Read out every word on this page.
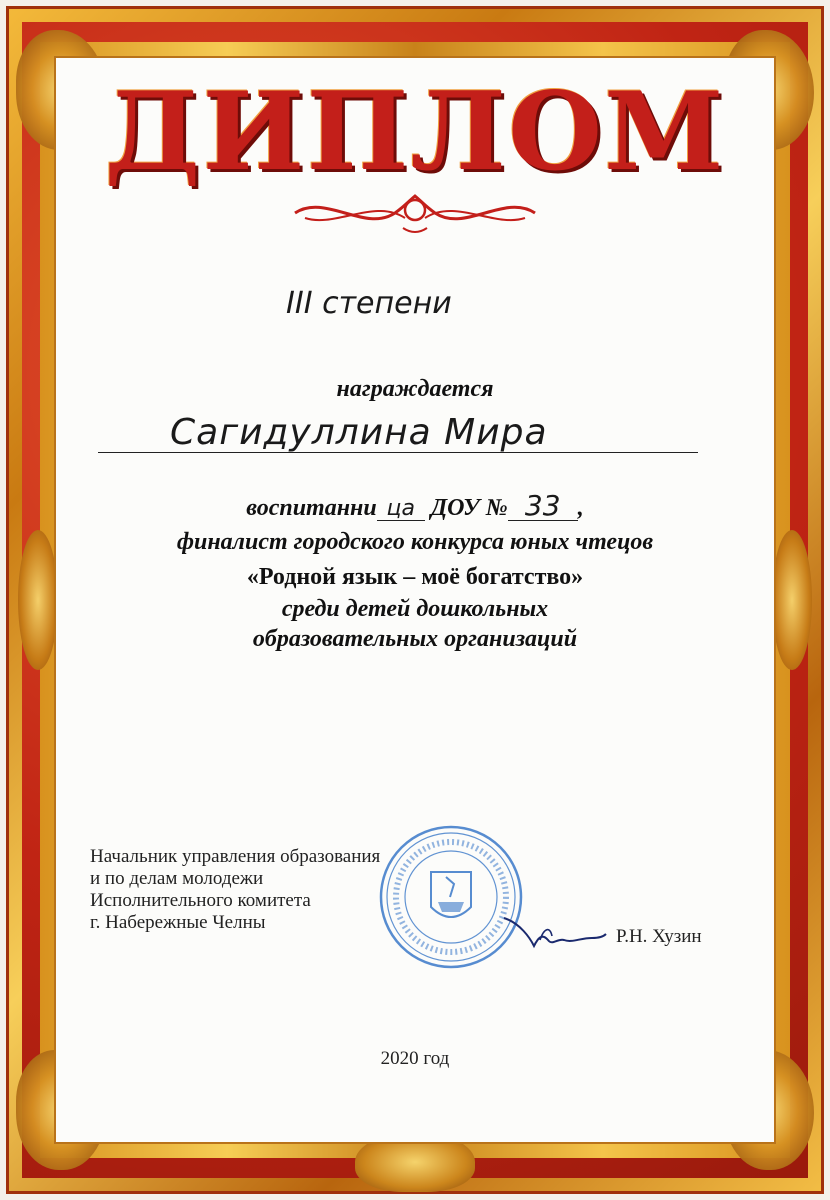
ДИПЛОМ
III степени
награждается
Сагидуллина Мира
воспитанни ца ДОУ № 33 ,
финалист городского конкурса юных чтецов
«Родной язык – моё богатство»
среди детей дошкольных
образовательных организаций
Начальник управления образования
и по делам молодежи
Исполнительного комитета
г. Набережные Челны
Р.Н. Хузин
2020 год
